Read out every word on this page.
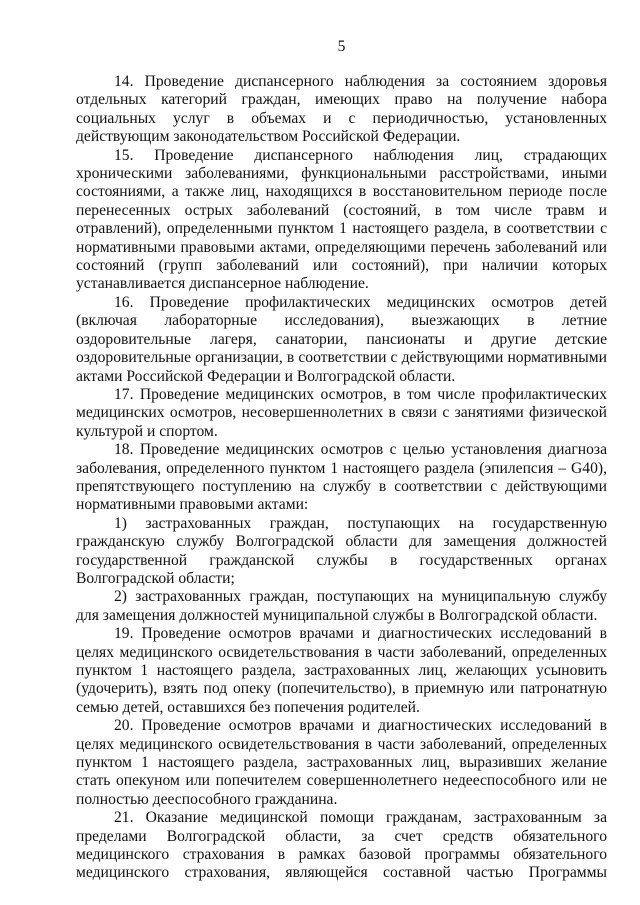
5

14. Проведение диспансерного наблюдения за состоянием здоровья отдельных категорий граждан, имеющих право на получение набора социальных услуг в объемах и с периодичностью, установленных действующим законодательством Российской Федерации.

15. Проведение диспансерного наблюдения лиц, страдающих хроническими заболеваниями, функциональными расстройствами, иными состояниями, а также лиц, находящихся в восстановительном периоде после перенесенных острых заболеваний (состояний, в том числе травм и отравлений), определенными пунктом 1 настоящего раздела, в соответствии с нормативными правовыми актами, определяющими перечень заболеваний или состояний (групп заболеваний или состояний), при наличии которых устанавливается диспансерное наблюдение.

16. Проведение профилактических медицинских осмотров детей (включая лабораторные исследования), выезжающих в летние оздоровительные лагеря, санатории, пансионаты и другие детские оздоровительные организации, в соответствии с действующими нормативными актами Российской Федерации и Волгоградской области.

17. Проведение медицинских осмотров, в том числе профилактических медицинских осмотров, несовершеннолетних в связи с занятиями физической культурой и спортом.

18. Проведение медицинских осмотров с целью установления диагноза заболевания, определенного пунктом 1 настоящего раздела (эпилепсия – G40), препятствующего поступлению на службу в соответствии с действующими нормативными правовыми актами:

1) застрахованных граждан, поступающих на государственную гражданскую службу Волгоградской области для замещения должностей государственной гражданской службы в государственных органах Волгоградской области;

2) застрахованных граждан, поступающих на муниципальную службу для замещения должностей муниципальной службы в Волгоградской области.

19. Проведение осмотров врачами и диагностических исследований в целях медицинского освидетельствования в части заболеваний, определенных пунктом 1 настоящего раздела, застрахованных лиц, желающих усыновить (удочерить), взять под опеку (попечительство), в приемную или патронатную семью детей, оставшихся без попечения родителей.

20. Проведение осмотров врачами и диагностических исследований в целях медицинского освидетельствования в части заболеваний, определенных пунктом 1 настоящего раздела, застрахованных лиц, выразивших желание стать опекуном или попечителем совершеннолетнего недееспособного или не полностью дееспособного гражданина.

21. Оказание медицинской помощи гражданам, застрахованным за пределами Волгоградской области, за счет средств обязательного медицинского страхования в рамках базовой программы обязательного медицинского страхования, являющейся составной частью Программы
